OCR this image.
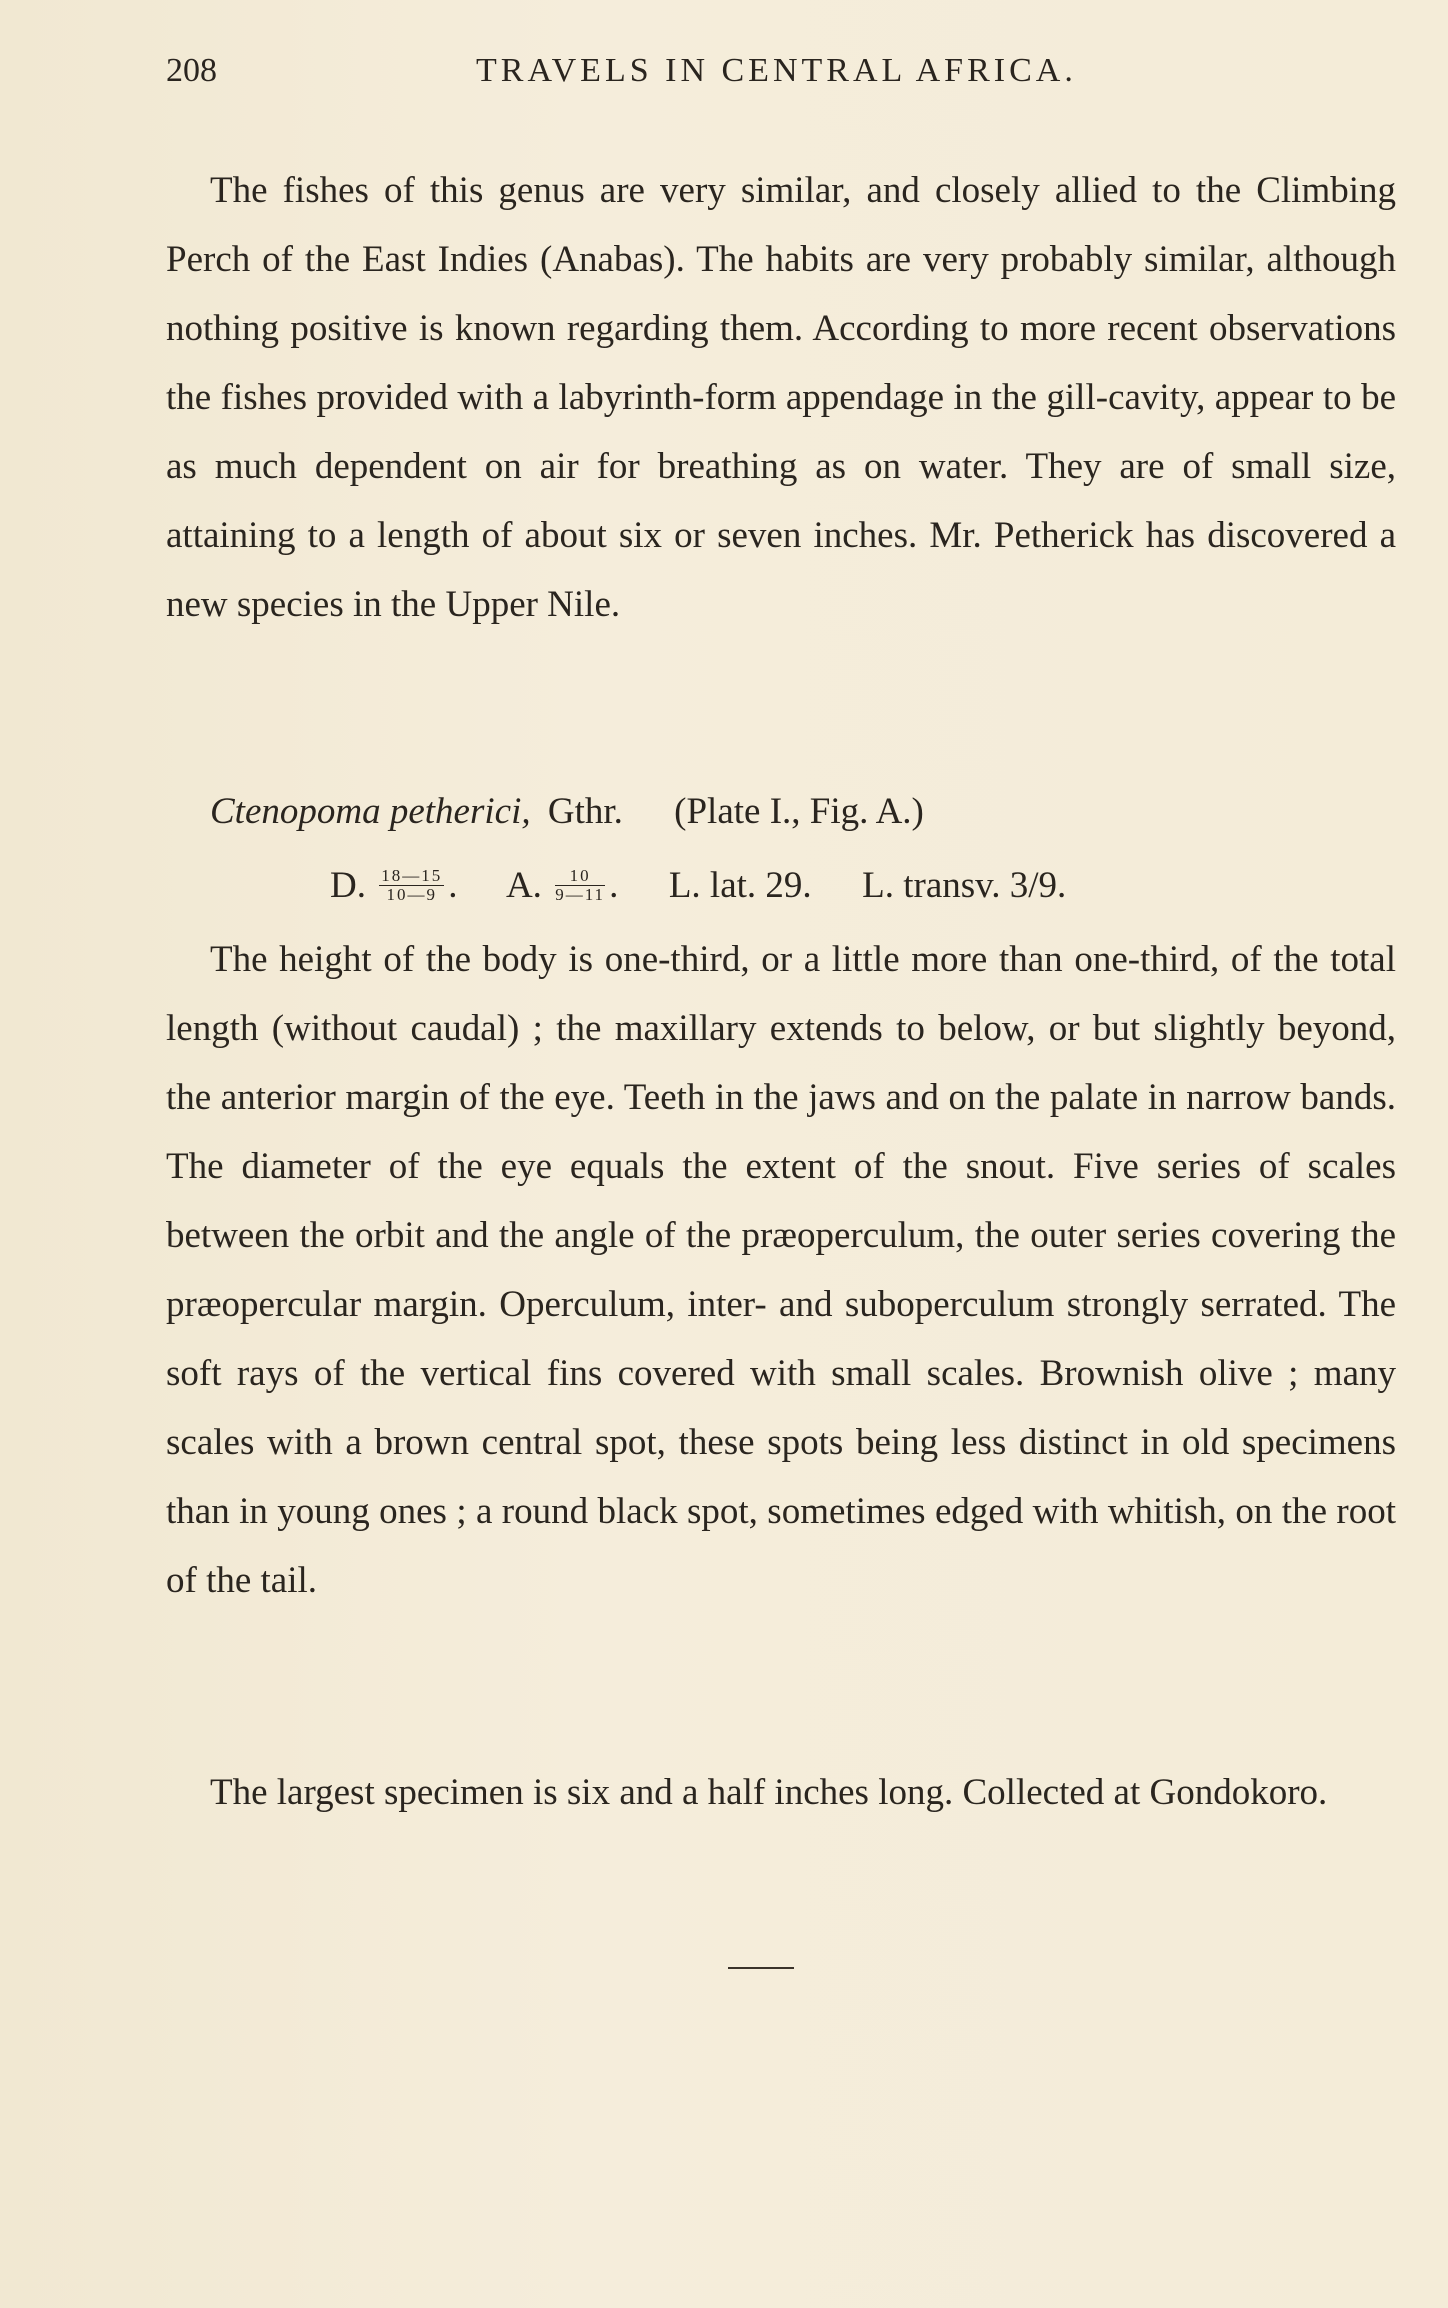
208	TRAVELS IN CENTRAL AFRICA.

The fishes of this genus are very similar, and closely allied to the Climbing Perch of the East Indies (Anabas). The habits are very probably similar, although nothing positive is known regarding them. According to more recent observations the fishes provided with a labyrinth-form appendage in the gill-cavity, appear to be as much dependent on air for breathing as on water. They are of small size, attaining to a length of about six or seven inches. Mr. Petherick has discovered a new species in the Upper Nile.

Ctenopoma petherici, Gthr. (Plate I., Fig. A.)
D. $\frac{18—15}{10—9}$ . A. $\frac{10}{9—11}$ . L. lat. 29. L. transv. 3/9.

The height of the body is one-third, or a little more than one-third, of the total length (without caudal) ; the maxillary extends to below, or but slightly beyond, the anterior margin of the eye. Teeth in the jaws and on the palate in narrow bands. The diameter of the eye equals the extent of the snout. Five series of scales between the orbit and the angle of the præoperculum, the outer series covering the præopercular margin. Operculum, inter- and suboperculum strongly serrated. The soft rays of the vertical fins covered with small scales. Brownish olive ; many scales with a brown central spot, these spots being less distinct in old specimens than in young ones ; a round black spot, sometimes edged with whitish, on the root of the tail.

The largest specimen is six and a half inches long. Collected at Gondokoro.
